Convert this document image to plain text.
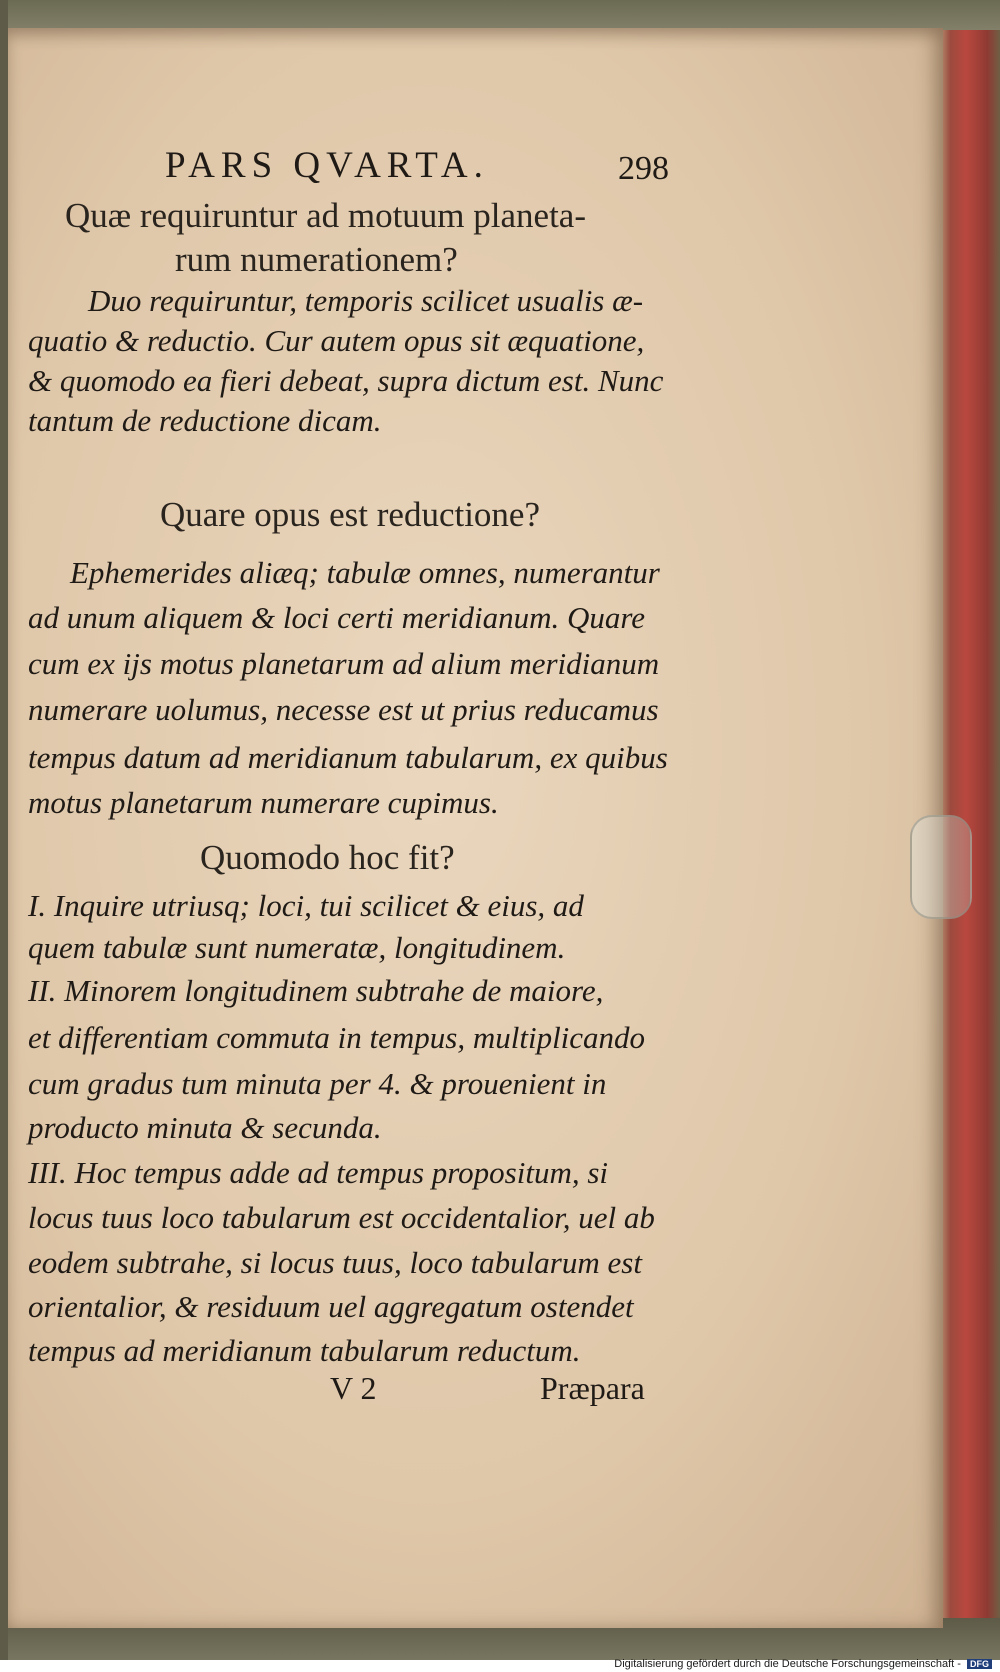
PARS QVARTA.	298
Quæ requiruntur ad motuum planeta-
rum numerationem?
Duo requiruntur, temporis scilicet usualis æ-
quatio & reductio. Cur autem opus sit æquatione,
& quomodo ea fieri debeat, supra dictum est. Nunc
tantum de reductione dicam.
Quare opus est reductione?
Ephemerides aliæq; tabulæ omnes, numerantur
ad unum aliquem & loci certi meridianum. Quare
cum ex ijs motus planetarum ad alium meridianum
numerare uolumus, necesse est ut prius reducamus
tempus datum ad meridianum tabularum, ex quibus
motus planetarum numerare cupimus.
Quomodo hoc fit?
I. Inquire utriusq; loci, tui scilicet & eius, ad
quem tabulæ sunt numeratæ, longitudinem.
II. Minorem longitudinem subtrahe de maiore,
et differentiam commuta in tempus, multiplicando
cum gradus tum minuta per 4. & prouenient in
producto minuta & secunda.
III. Hoc tempus adde ad tempus propositum, si
locus tuus loco tabularum est occidentalior, uel ab
eodem subtrahe, si locus tuus, loco tabularum est
orientalior, & residuum uel aggregatum ostendet
tempus ad meridianum tabularum reductum.
V 2	Præpara
Digitalisierung gefördert durch die Deutsche Forschungsgemeinschaft - DFG
